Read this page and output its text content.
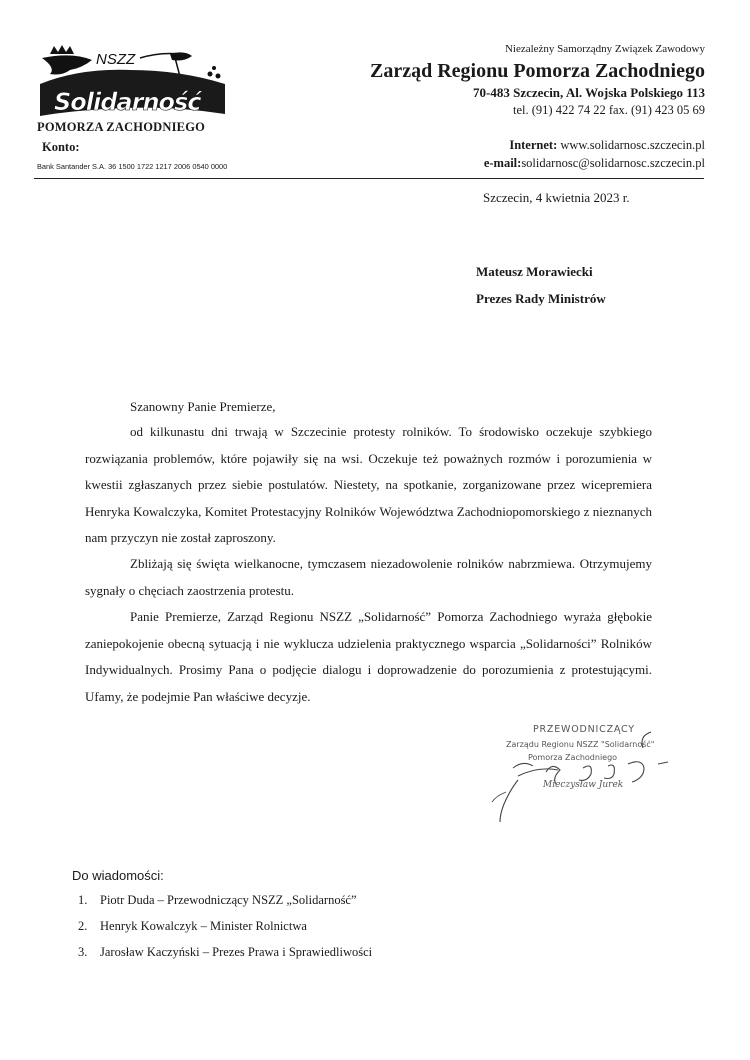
NSZZ
Solidarność
POMORZA ZACHODNIEGO
Konto:
Bank Santander S.A. 36 1500 1722 1217 2006 0540 0000
Niezależny Samorządny Związek Zawodowy
Zarząd Regionu Pomorza Zachodniego
70-483 Szczecin, Al. Wojska Polskiego 113
tel. (91) 422 74 22 fax. (91) 423 05 69
Internet: www.solidarnosc.szczecin.pl
e-mail:solidarnosc@solidarnosc.szczecin.pl
Szczecin, 4 kwietnia 2023 r.
Mateusz Morawiecki
Prezes Rady Ministrów
Szanowny Panie Premierze,
od kilkunastu dni trwają w Szczecinie protesty rolników. To środowisko oczekuje szybkiego rozwiązania problemów, które pojawiły się na wsi. Oczekuje też poważnych rozmów i porozumienia w kwestii zgłaszanych przez siebie postulatów. Niestety, na spotkanie, zorganizowane przez wicepremiera Henryka Kowalczyka, Komitet Protestacyjny Rolników Województwa Zachodniopomorskiego z nieznanych nam przyczyn nie został zaproszony.
Zbliżają się święta wielkanocne, tymczasem niezadowolenie rolników nabrzmiewa. Otrzymujemy sygnały o chęciach zaostrzenia protestu.
Panie Premierze, Zarząd Regionu NSZZ „Solidarność” Pomorza Zachodniego wyraża głębokie zaniepokojenie obecną sytuacją i nie wyklucza udzielenia praktycznego wsparcia „Solidarności” Rolników Indywidualnych. Prosimy Pana o podjęcie dialogu i doprowadzenie do porozumienia z protestującymi. Ufamy, że podejmie Pan właściwe decyzje.
PRZEWODNICZĄCY
Zarządu Regionu NSZZ "Solidarność"
Pomorza Zachodniego
Mieczysław Jurek
Do wiadomości:
1. Piotr Duda – Przewodniczący NSZZ „Solidarność”
2. Henryk Kowalczyk – Minister Rolnictwa
3. Jarosław Kaczyński – Prezes Prawa i Sprawiedliwości
